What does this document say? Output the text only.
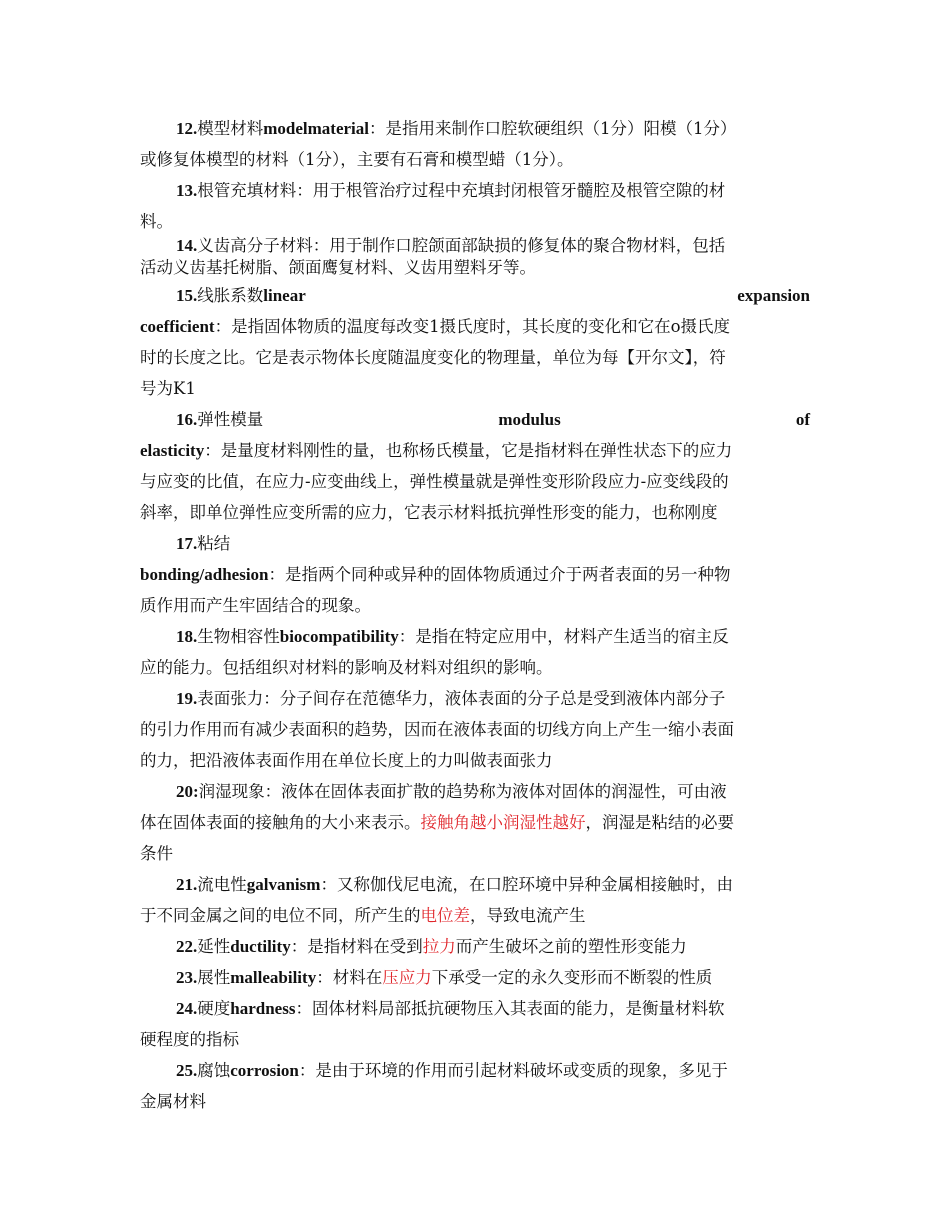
12.模型材料modelmaterial：是指用来制作口腔软硬组织（1分）阳模（1分）
或修复体模型的材料（1分），主要有石膏和模型蜡（1分）。
13.根管充填材料：用于根管治疗过程中充填封闭根管牙髓腔及根管空隙的材
料。
14.义齿高分子材料：用于制作口腔颌面部缺损的修复体的聚合物材料，包括
活动义齿基托树脂、颌面鹰复材料、义齿用塑料牙等。
15.线胀系数linear	expansion
coefficient：是指固体物质的温度每改变1摄氏度时，其长度的变化和它在o摄氏度
时的长度之比。它是表示物体长度随温度变化的物理量，单位为每【开尔文】，符
号为K1
16.弹性模量	modulus	of
elasticity：是量度材料刚性的量，也称杨氏模量，它是指材料在弹性状态下的应力
与应变的比值，在应力-应变曲线上，弹性模量就是弹性变形阶段应力-应变线段的
斜率，即单位弹性应变所需的应力，它表示材料抵抗弹性形变的能力，也称刚度
17.粘结
bonding/adhesion：是指两个同种或异种的固体物质通过介于两者表面的另一种物
质作用而产生牢固结合的现象。
18.生物相容性biocompatibility：是指在特定应用中，材料产生适当的宿主反
应的能力。包括组织对材料的影响及材料对组织的影响。
19.表面张力：分子间存在范德华力，液体表面的分子总是受到液体内部分子
的引力作用而有减少表面积的趋势，因而在液体表面的切线方向上产生一缩小表面
的力，把沿液体表面作用在单位长度上的力叫做表面张力
20:润湿现象：液体在固体表面扩散的趋势称为液体对固体的润湿性，可由液
体在固体表面的接触角的大小来表示。接触角越小润湿性越好，润湿是粘结的必要
条件
21.流电性galvanism：又称伽伐尼电流，在口腔环境中异种金属相接触时，由
于不同金属之间的电位不同，所产生的电位差，导致电流产生
22.延性ductility：是指材料在受到拉力而产生破坏之前的塑性形变能力
23.展性malleability：材料在压应力下承受一定的永久变形而不断裂的性质
24.硬度hardness：固体材料局部抵抗硬物压入其表面的能力，是衡量材料软
硬程度的指标
25.腐蚀corrosion：是由于环境的作用而引起材料破坏或变质的现象，多见于
金属材料
